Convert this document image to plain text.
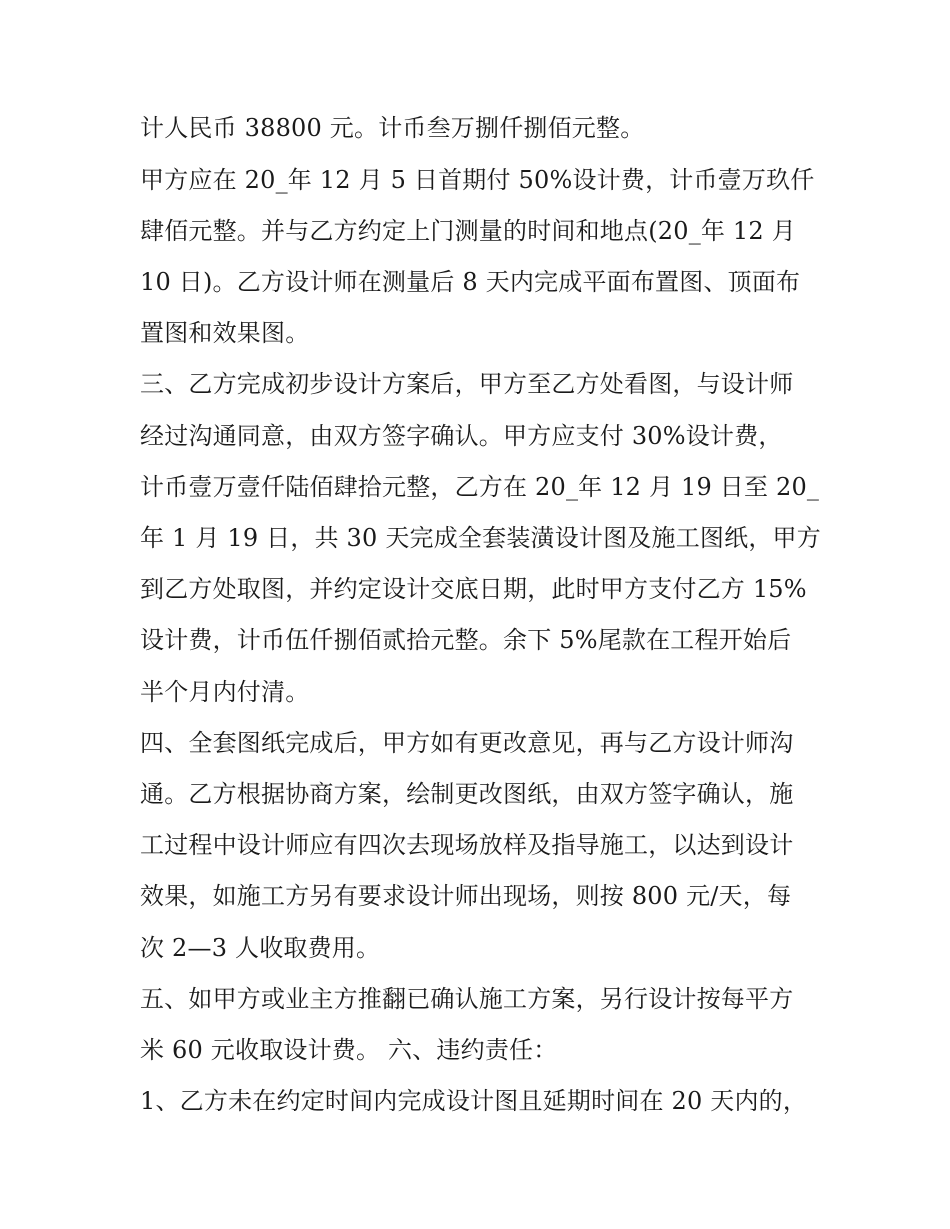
计人民币 38800 元。计币叁万捌仟捌佰元整。
甲方应在 20_年 12 月 5 日首期付 50%设计费，计币壹万玖仟
肆佰元整。并与乙方约定上门测量的时间和地点(20_年 12 月
10 日)。乙方设计师在测量后 8 天内完成平面布置图、顶面布
置图和效果图。
三、乙方完成初步设计方案后，甲方至乙方处看图，与设计师
经过沟通同意，由双方签字确认。甲方应支付 30%设计费，
计币壹万壹仟陆佰肆拾元整，乙方在 20_年 12 月 19 日至 20_
年 1 月 19 日，共 30 天完成全套装潢设计图及施工图纸，甲方
到乙方处取图，并约定设计交底日期，此时甲方支付乙方 15%
设计费，计币伍仟捌佰贰拾元整。余下 5%尾款在工程开始后
半个月内付清。
四、全套图纸完成后，甲方如有更改意见，再与乙方设计师沟
通。乙方根据协商方案，绘制更改图纸，由双方签字确认，施
工过程中设计师应有四次去现场放样及指导施工，以达到设计
效果，如施工方另有要求设计师出现场，则按 800 元/天，每
次 2—3 人收取费用。
五、如甲方或业主方推翻已确认施工方案，另行设计按每平方
米 60 元收取设计费。 六、违约责任：
1、乙方未在约定时间内完成设计图且延期时间在 20 天内的，
